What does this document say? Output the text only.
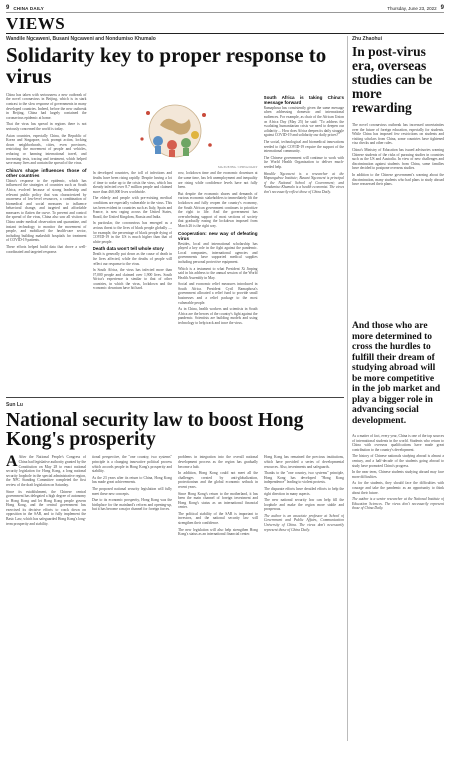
9 CHINA DAILY	Thursday, June 23, 2022 9
VIEWS
Wandile Ngcaweni, Busani Ngcaweni and Nondumiso Khumalo
Solidarity key to proper response to virus

China has taken with seriousness a new outbreak of the novel coronavirus in Beijing, which is in stark contrast to the slow response of governments in many developed countries. Indeed, before the new outbreak in Beijing, China had largely contained the coronavirus epidemic at home.

That the virus has spread in regions there is not seriously concerned the world is today.

Asian countries, especially China, the Republic of Korea and Singapore, took prompt action, locking down neighborhoods, cities, even provinces, restricting the movement of people and vehicles, reducing or banning international travel, and increasing tests, tracing and treatment, which helped save many lives and contain the spread of the virus.

China's shape influences those of other countries

China's response to the epidemic, which has influenced the strategies of countries such as South Africa, evolved because of strong leadership and relevant public policy that was characterized by awareness of low-level resources, a combination of biomedical and social measures to influence behavioral change, and targeted and affordable measures to flatten the curve. To prevent and control the spread of the virus, China also saw all visitors to China under medical observation and quarantine, and instant technology to monitor the movement of people, and mobilized the health-care sector, including building makeshift hospitals for treatment of COVID-19 patients.

These efforts helped build data that drove a well-coordinated and targeted response.

MA XUEJING / CHINA DAILY

In developed countries, the toll of infections and deaths have been rising rapidly. Despite having a lot of time to wake up to the crisis the virus, which has already infected over 8.7 million people and claimed more than 460,000 lives worldwide.

The elderly and people with pre-existing medical conditions are especially vulnerable to the virus. This has been evident in countries such as Italy, Spain and France, is now raging across the United States, Brazil, the United Kingdom, Russia and India.

In particular, the coronavirus has emerged as a serious threat to the lives of black people globally — for example, the percentage of black people dying of COVID-19 in the US is much higher than that of white people.

Death data won't tell whole story

Death is generally put down as the cause of death in the lives affected, while the deaths of people will reflect our response to the virus.

In South Africa, the virus has infected more than 97,000 people and claimed over 1,900 lives. South Africa's experience is similar to that of other countries, in which the virus, lockdown and the economic downturn have hit hard.

row, lockdown time and the economic downturn at the same time, has left unemployment and inequality are rising while confidence levels have not fully been.

But despite the economic shares and demands of various economic stakeholders to immediately lift the lockdown and fully reopen the country's economy, the South African government continues to prioritize the right to life. And the government has overwhelming support of most sections of society that gradually easing the lockdown imposed from March 26 is the right way.

Cooperation: new way of defeating virus

Besides, local and international scholarship has played a key role in the fight against the pandemic. Local companies, international agencies and governments have supported medical supplies including personal protective equipment.

Which is a testament to what President Xi Jinping said in his address to the annual session of the World Health Assembly in May.

Social and economic relief measures introduced in South Africa. President Cyril Ramaphosa's government allocated a relief fund to provide small businesses and a relief package to the most vulnerable people.

As in China, health workers and scientists in South Africa are the heroes of the country's fight against the pandemic. Scientists are building models and using technology to help track and trace the virus.

South Africa is taking China's message forward

Ramaphosa has consistently given the same message when addressing domestic and international audiences. For example, as chair of the African Union on Africa Day (May 25) he said: "To address the escalating humanitarian crisis we need to deepen our solidarity ... How does Africa deepen its daily struggle against COVID-19 and solidarity our daily prices?"

The social, technological and biomedical innovations needed to fight COVID-19 require the support of the international community.

The Chinese government will continue to work with the World Health Organization to deliver much-needed help.

Wandile Ngcaweni is a researcher at the Mapungubwe Institute; Busani Ngcaweni is principal of the National School of Government; and Nondumiso Khumalo is a health economist. The views don't necessarily reflect those of China Daily.

Sun Lu
National security law to boost Hong Kong's prosperity

A After the National People's Congress of China had legislative authority granted by the Constitution on May 28 to enact national security legislation for Hong Kong, a long national security loophole in the special administrative region, the NPC Standing Committee completed the first review of the draft legislation on Saturday.

Since its establishment, the Chinese central government has delegated a high degree of autonomy to Hong Kong and let Hong Kong people govern Hong Kong, and the central government has exercised its decisive efforts to crack down on opposition in the SAR, and to fully implement the Basic Law, which has safeguarded Hong Kong's long-term prosperity and stability.

tional perspective, the "one country, two systems" principle is a changing innovative political process which accords people in Hong Kong's prosperity and stability.

As the 23 years after its return to China, Hong Kong has made great achievements.

The proposed national security legislation will fully meet these new concepts.

Due to its economic prosperity, Hong Kong was the birthplace for the mainland's reform and opening-up, but it has become a major channel for foreign forces.

problems in integration into the overall national development process as the region has gradually become a hub.

In addition, Hong Kong could not meet all the challenges created by anti-globalization, protectionism and the global economic setback in recent years.

Since Hong Kong's return to the motherland, it has been the main channel of foreign investment and Hong Kong's status as an international financial center.

The political stability of the SAR is important to investors, and the national security law will strengthen their confidence.

The new legislation will also help strengthen Hong Kong's status as an international financial center.

Hong Kong has remained the precious institutions, which have provided a series of developmental resources. Also, investments and safeguards.

Thanks to the "one country, two systems" principle, Hong Kong has developed "Hong Kong independence" leading to violent protests.

The disparate efforts have derailed efforts to help the right direction in many aspects.

The new national security law can help fill the loophole and make the region more stable and prosperous.

The author is an associate professor at School of Government and Public Affairs, Communication University of China. The views don't necessarily represent those of China Daily.

Zhu Zhaohui
In post-virus era, overseas studies can be more rewarding

The novel coronavirus outbreak has increased uncertainties over the future of foreign education, especially for students. While China has imposed few restrictions on students and visiting scholars from China, some countries have tightened visa checks and other rules.

China's Ministry of Education has issued advisories warning Chinese students of the risks of pursuing studies in countries such as the US and Australia. In view of new challenges and discrimination against students from China, some families have decided to postpone overseas studies.

In addition to the Chinese government's warning about the discrimination, many students who had plans to study abroad have reassessed their plans.

And those who are more determined to cross the hurdles to fulfill their dream of studying abroad will be more competitive in the job market and play a bigger role in advancing social development.

As a matter of fact, every year, China is one of the top sources of international students in the world. Students who return to China with overseas qualifications have made great contribution to the country's development.

The history of Chinese nationals studying abroad is almost a century, and a half-decade of the students going abroad to study have promoted China's progress.

In the near term, Chinese students studying abroad may face more difficulties.

As for the students, they should face the difficulties with courage and take the pandemic as an opportunity to think about their future.

The author is a senior researcher at the National Institute of Education Sciences. The views don't necessarily represent those of China Daily.
